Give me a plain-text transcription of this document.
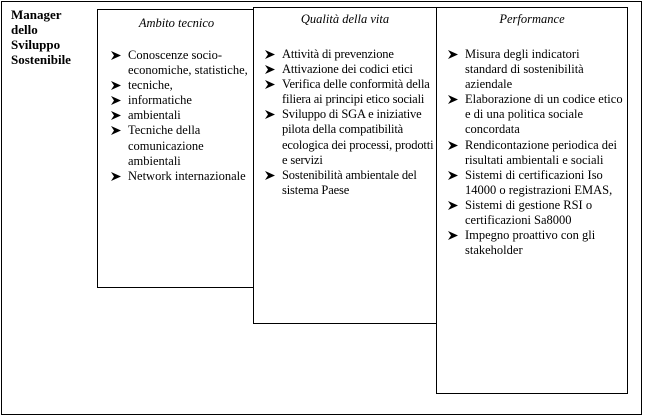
Manager
dello
Sviluppo
Sostenibile
Ambito tecnico
Conoscenze socio-economiche, statistiche,
tecniche,
informatiche
ambientali
Tecniche della comunicazione ambientali
Network internazionale
Qualità della vita
Attività di prevenzione
Attivazione dei codici etici
Verifica delle conformità della filiera ai principi etico sociali
Sviluppo di SGA e iniziative pilota della compatibilità ecologica dei processi, prodotti e servizi
Sostenibilità ambientale del sistema Paese
Performance
Misura degli indicatori standard di sostenibilità aziendale
Elaborazione di un codice etico e di una politica sociale concordata
Rendicontazione periodica dei risultati ambientali e sociali
Sistemi di certificazioni Iso 14000 o registrazioni EMAS,
Sistemi di gestione RSI o certificazioni Sa8000
Impegno proattivo con gli stakeholder
